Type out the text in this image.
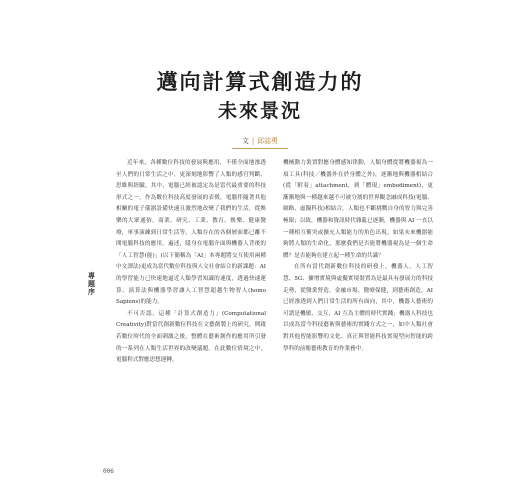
邁向計算式創造力的
未來景況
文 | 邱誌勇
專題序

近年來，各種數位科技的發展與應用，不僅全面地滲透至人們的日常生活之中，更深刻地影響了人類的感官判斷、思維與經驗。其中，電腦已經被認定為是當代最重要的科技形式之一。作為數位科技高度發展的表徵，電腦伴隨著其他相關的電子儀器設備快速且激烈地改變了我們的生活，從娛樂的大眾通俗，商業、研究、工業、教育、娛樂、健康醫療，軍事演練到日常生活等，人類存在的各個層面都已離不開電腦科技的應用。遍述，隱身在電腦介面與機器人背後的「人工智慧(能)」(以下簡稱為「AI」本專題將交互使用兩種中文譯法)更成為當代數位科技與人文社會結合的新課題：AI 的學習能力已快速地逼近人類學習知識的速度，透過快速運算、演算法與機器學習讓人工智慧超越生物智人(homo Sapiens)的能力。

不可否認，這種「計算式創造力」(Computational Creativity)對當代創新數位科技在文藝創製上的研究，開啟若數位時代的全面刺激之後，整體在藝術創作的應用所引發的一系列在人類生活世界的改變議題。在此數位情境之中，電腦程式對應思想運轉，

機械動力裝置對應身體感知律動，人類身體從將機器視為一項工具(科技／機器外在於身體之外)，逐漸地與機器相結合(從「附着」attachment，到「體現」embodiment)，更漸漸地與一種越來越不可被分割的世界觀念融成科技(電腦、網路、虛擬科技)相結合，人類也不斷挑戰自身的智力與完善極限；以致，機器和資訊時代雜亂已逐漸，機器與 AI 一直以一種相互衝突或擴充人類能力的角色出現。如果未來機器能夠將人類的生命化，那麼我們是否能將機器視為是一個生命體？是否能夠在建立起一種生命的共識？

在所有當代創新數位科技的研發上，機器人、人工智慧、5G、擴增實境與虛擬實境裝置為是最具有發展力的科技走勢，從醫業營造、金融市場、醫療保健，到藝術創造，AI 已經滲透到人們日常生活的所有面向，其中，機器人藝術的可謂是機敏、交互、AI 互為主體的時代實踐；機器人科技也以成為當今科技藝術與藝術的實踐方式之一，如中人類社會對其他智能影響的文化、真正與智能科技實現型向智能的跨學科的前衛藝術教育的作業務中。

006
